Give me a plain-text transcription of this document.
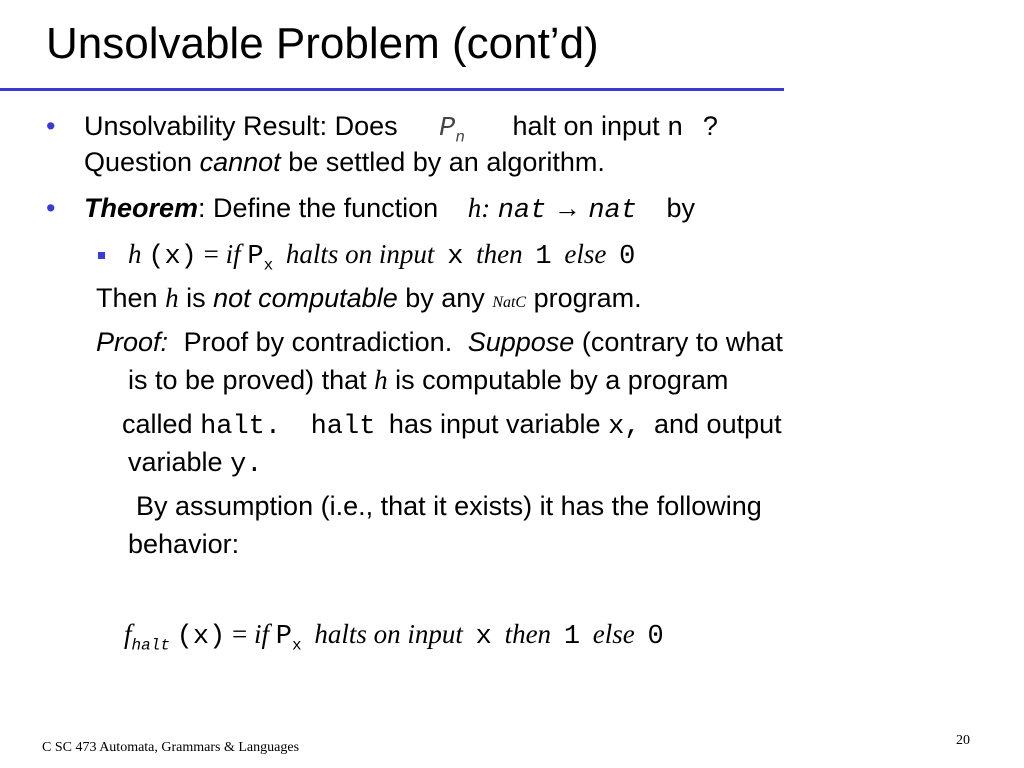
Unsolvable Problem (cont’d)
• Unsolvability Result: Does $P_n$ halt on input n ?
Question cannot be settled by an algorithm.
• Theorem: Define the function h: nat → nat by
h (x) = if $P_x$ halts on input x then 1 else 0
Then h is not computable by any NatC program.
Proof: Proof by contradiction. Suppose (contrary to what
is to be proved) that h is computable by a program
called halt. halt has input variable x, and output
variable y.
By assumption (i.e., that it exists) it has the following
behavior:
$f_{halt}$ (x) = if $P_x$ halts on input x then 1 else 0
C SC 473 Automata, Grammars & Languages	20
